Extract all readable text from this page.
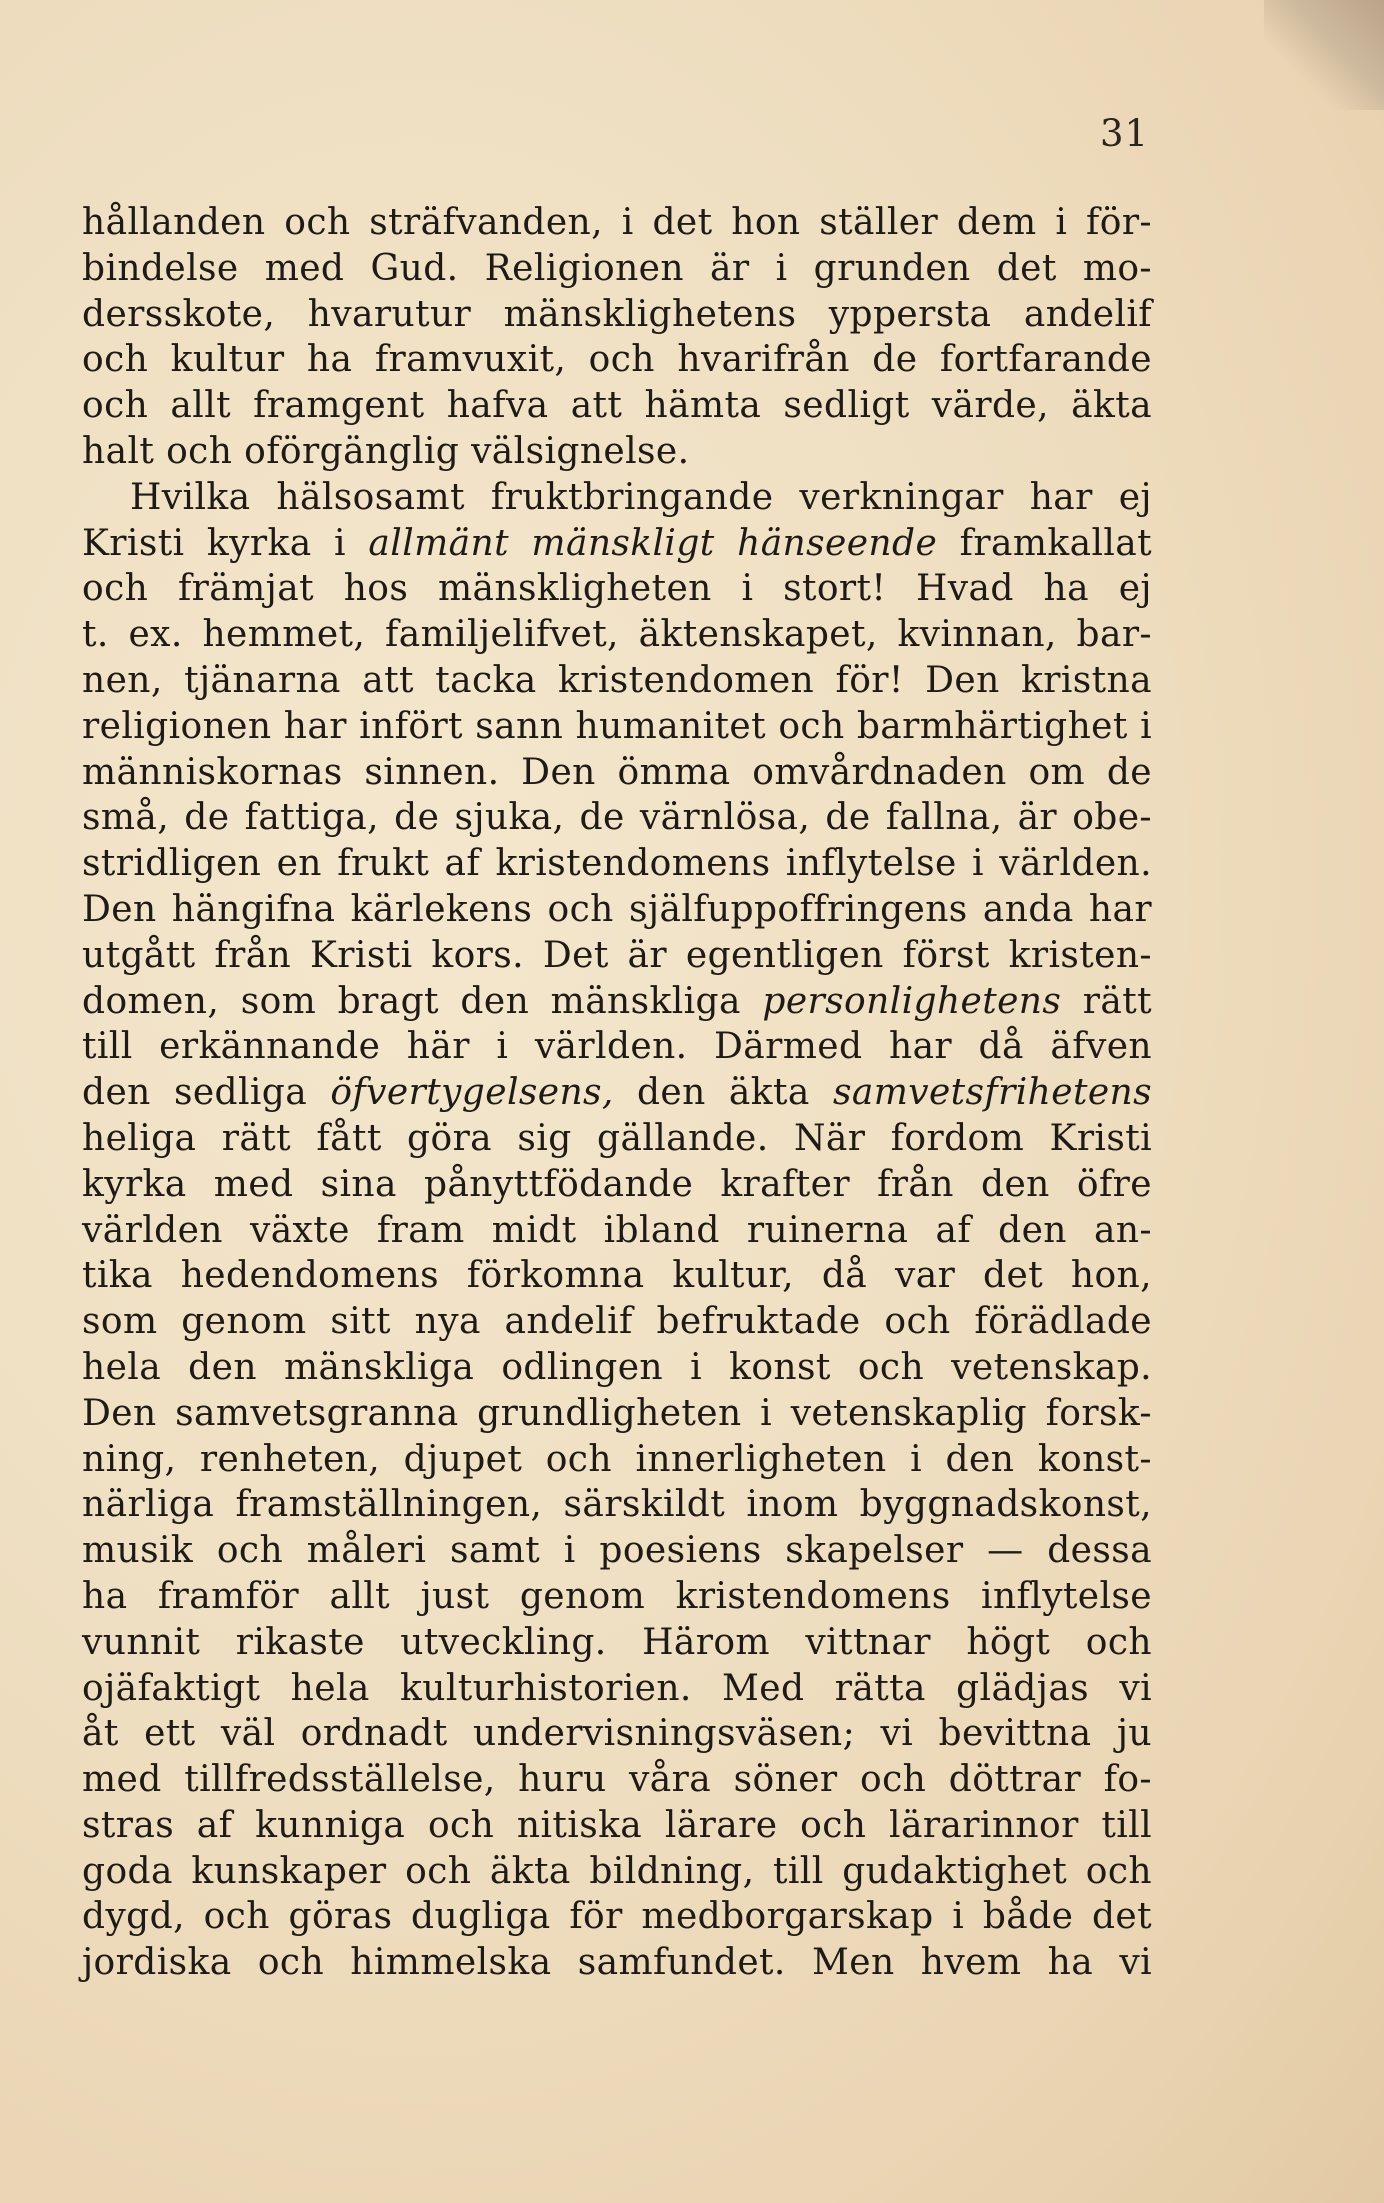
31
hållanden och sträfvanden, i det hon ställer dem i för-
bindelse med Gud. Religionen är i grunden det mo-
dersskote, hvarutur mänsklighetens yppersta andelif
och kultur ha framvuxit, och hvarifrån de fortfarande
och allt framgent hafva att hämta sedligt värde, äkta
halt och oförgänglig välsignelse.
Hvilka hälsosamt fruktbringande verkningar har ej
Kristi kyrka i allmänt mänskligt hänseende framkallat
och främjat hos mänskligheten i stort! Hvad ha ej
t. ex. hemmet, familjelifvet, äktenskapet, kvinnan, bar-
nen, tjänarna att tacka kristendomen för! Den kristna
religionen har infört sann humanitet och barmhärtighet i
människornas sinnen. Den ömma omvårdnaden om de
små, de fattiga, de sjuka, de värnlösa, de fallna, är obe-
stridligen en frukt af kristendomens inflytelse i världen.
Den hängifna kärlekens och själfuppoffringens anda har
utgått från Kristi kors. Det är egentligen först kristen-
domen, som bragt den mänskliga personlighetens rätt
till erkännande här i världen. Därmed har då äfven
den sedliga öfvertygelsens, den äkta samvetsfrihetens
heliga rätt fått göra sig gällande. När fordom Kristi
kyrka med sina pånyttfödande krafter från den öfre
världen växte fram midt ibland ruinerna af den an-
tika hedendomens förkomna kultur, då var det hon,
som genom sitt nya andelif befruktade och förädlade
hela den mänskliga odlingen i konst och vetenskap.
Den samvetsgranna grundligheten i vetenskaplig forsk-
ning, renheten, djupet och innerligheten i den konst-
närliga framställningen, särskildt inom byggnadskonst,
musik och måleri samt i poesiens skapelser — dessa
ha framför allt just genom kristendomens inflytelse
vunnit rikaste utveckling. Härom vittnar högt och
ojäfaktigt hela kulturhistorien. Med rätta glädjas vi
åt ett väl ordnadt undervisningsväsen; vi bevittna ju
med tillfredsställelse, huru våra söner och döttrar fo-
stras af kunniga och nitiska lärare och lärarinnor till
goda kunskaper och äkta bildning, till gudaktighet och
dygd, och göras dugliga för medborgarskap i både det
jordiska och himmelska samfundet. Men hvem ha vi
